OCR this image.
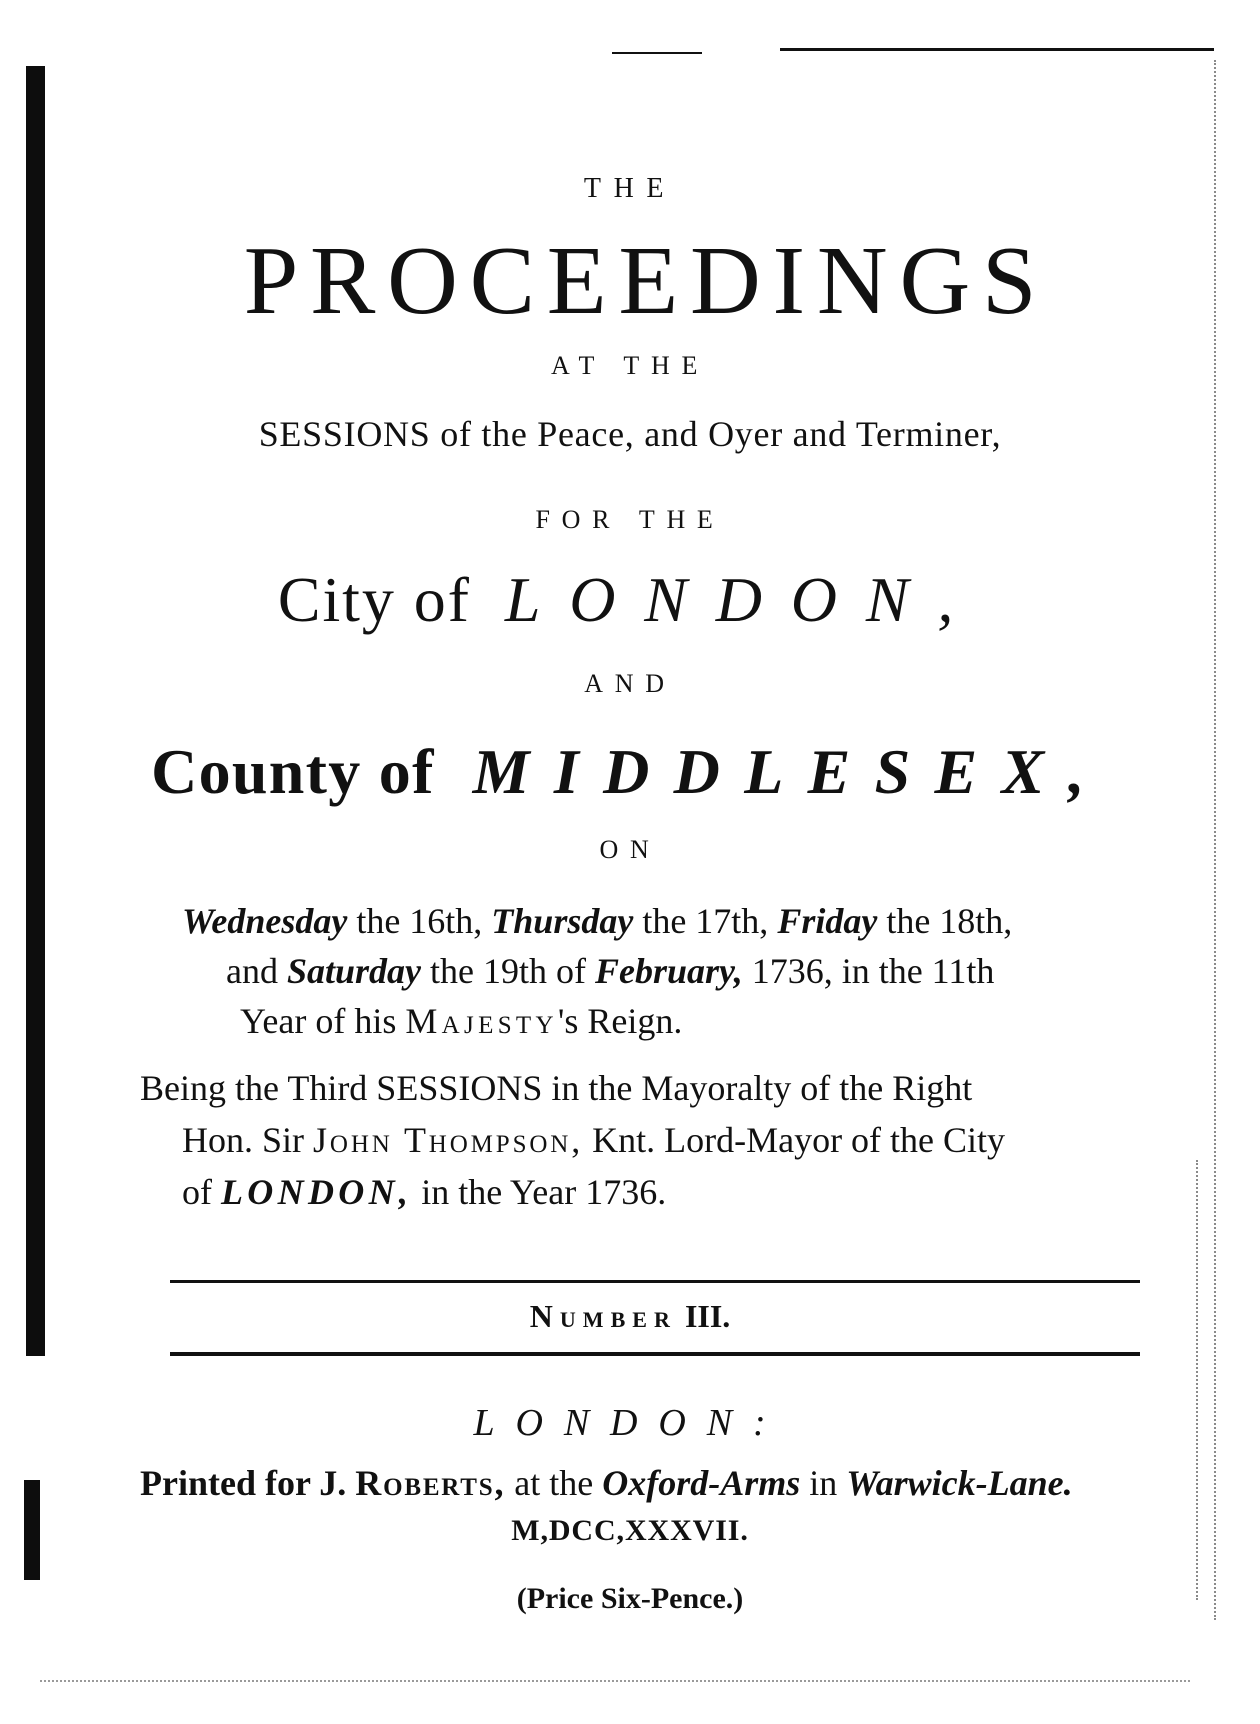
THE
PROCEEDINGS
AT THE
SESSIONS of the Peace, and Oyer and Terminer,
FOR THE
City of LONDON,
AND
County of MIDDLESEX,
ON

Wednesday the 16th, Thursday the 17th, Friday the 18th,

and Saturday the 19th of February, 1736, in the 11th

Year of his Majesty's Reign.

Being the Third SESSIONS in the Mayoralty of the Right

Hon. Sir John Thompson, Knt. Lord-Mayor of the City

of LONDON, in the Year 1736.

Number III.
LONDON:
Printed for J. Roberts, at the Oxford-Arms in Warwick-Lane.
M,DCC,XXXVII.
(Price Six-Pence.)
